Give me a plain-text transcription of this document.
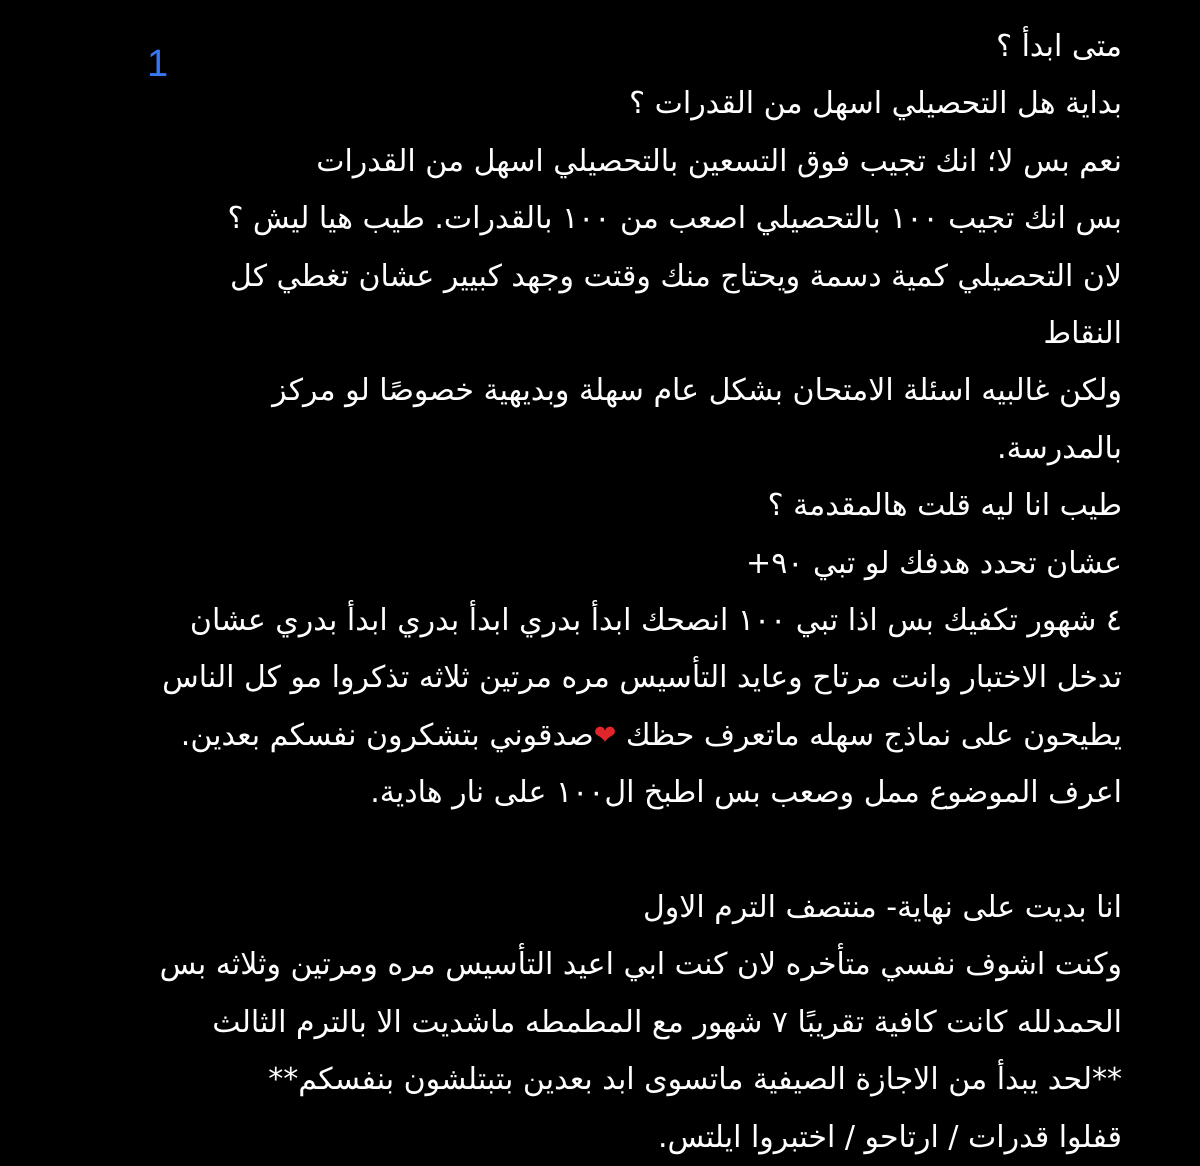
1	متى ابدأ ؟
بداية هل التحصيلي اسهل من القدرات ؟
نعم بس لا؛ انك تجيب فوق التسعين بالتحصيلي اسهل من القدرات
بس انك تجيب ١٠٠ بالتحصيلي اصعب من ١٠٠ بالقدرات. طيب هيا ليش ؟
لان التحصيلي كمية دسمة ويحتاج منك وقتت وجهد كبيير عشان تغطي كل
النقاط
ولكن غالبيه اسئلة الامتحان بشكل عام سهلة وبديهية خصوصًا لو مركز
بالمدرسة.
طيب انا ليه قلت هالمقدمة ؟
عشان تحدد هدفك لو تبي ٩٠+
٤ شهور تكفيك بس اذا تبي ١٠٠ انصحك ابدأ بدري ابدأ بدري ابدأ بدري عشان
تدخل الاختبار وانت مرتاح وعايد التأسيس مره مرتين ثلاثه تذكروا مو كل الناس
يطيحون على نماذج سهله ماتعرف حظك ❤صدقوني بتشكرون نفسكم بعدين.
اعرف الموضوع ممل وصعب بس اطبخ ال١٠٠ على نار هادية.
انا بديت على نهاية- منتصف الترم الاول
وكنت اشوف نفسي متأخره لان كنت ابي اعيد التأسيس مره ومرتين وثلاثه بس
الحمدلله كانت كافية تقريبًا ٧ شهور مع المطمطه ماشديت الا بالترم الثالث
**لحد يبدأ من الاجازة الصيفية ماتسوى ابد بعدين بتبتلشون بنفسكم**
قفلوا قدرات / ارتاحو / اختبروا ايلتس.
